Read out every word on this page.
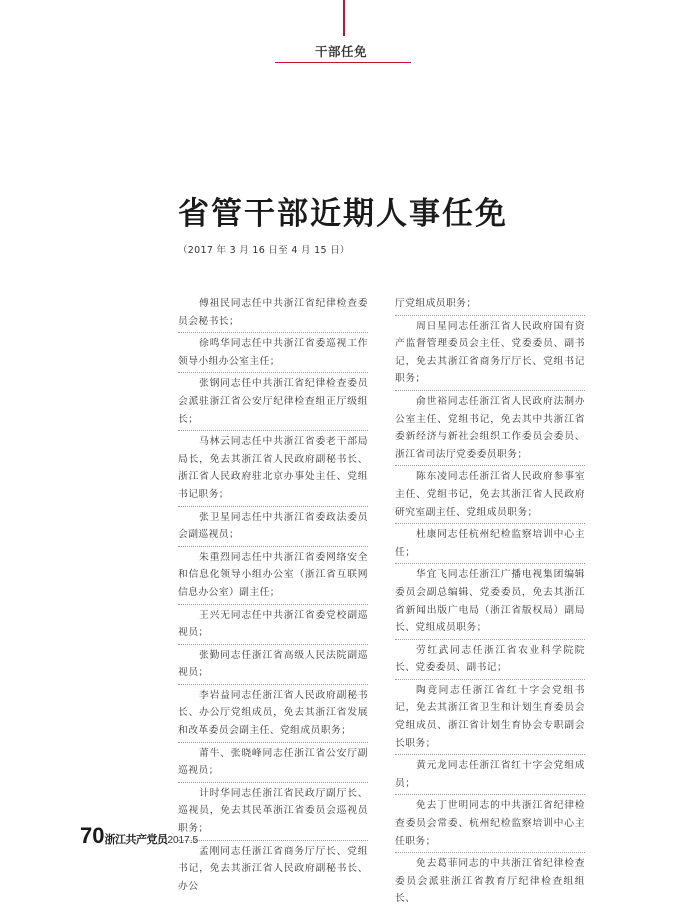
干部任免
省管干部近期人事任免
（2017 年 3 月 16 日至 4 月 15 日）

傅祖民同志任中共浙江省纪律检查委员会秘书长；

徐鸣华同志任中共浙江省委巡视工作领导小组办公室主任；

张钢同志任中共浙江省纪律检查委员会派驻浙江省公安厅纪律检查组正厅级组长；

马林云同志任中共浙江省委老干部局局长，免去其浙江省人民政府副秘书长、浙江省人民政府驻北京办事处主任、党组书记职务；

张卫星同志任中共浙江省委政法委员会副巡视员；

朱重烈同志任中共浙江省委网络安全和信息化领导小组办公室（浙江省互联网信息办公室）副主任；

王兴无同志任中共浙江省委党校副巡视员；

张勤同志任浙江省高级人民法院副巡视员；

李岩益同志任浙江省人民政府副秘书长、办公厅党组成员，免去其浙江省发展和改革委员会副主任、党组成员职务；

莆牛、张晓峰同志任浙江省公安厅副巡视员；

计时华同志任浙江省民政厅副厅长、巡视员，免去其民革浙江省委员会巡视员职务；

孟刚同志任浙江省商务厅厅长、党组书记，免去其浙江省人民政府副秘书长、办公

厅党组成员职务；

周日星同志任浙江省人民政府国有资产监督管理委员会主任、党委委员、副书记，免去其浙江省商务厅厅长、党组书记职务；

俞世裕同志任浙江省人民政府法制办公室主任、党组书记，免去其中共浙江省委新经济与新社会组织工作委员会委员、浙江省司法厅党委委员职务；

陈东凌同志任浙江省人民政府参事室主任、党组书记，免去其浙江省人民政府研究室副主任、党组成员职务；

杜康同志任杭州纪检监察培训中心主任；

华宜飞同志任浙江广播电视集团编辑委员会副总编辑、党委委员，免去其浙江省新闻出版广电局（浙江省版权局）副局长、党组成员职务；

劳红武同志任浙江省农业科学院院长、党委委员、副书记；

陶竟同志任浙江省红十字会党组书记，免去其浙江省卫生和计划生育委员会党组成员、浙江省计划生育协会专职副会长职务；

黄元龙同志任浙江省红十字会党组成员；

免去丁世明同志的中共浙江省纪律检查委员会常委、杭州纪检监察培训中心主任职务；

免去葛菲同志的中共浙江省纪律检查委员会派驻浙江省教育厅纪律检查组组长、

70浙江共产党员2017.5
